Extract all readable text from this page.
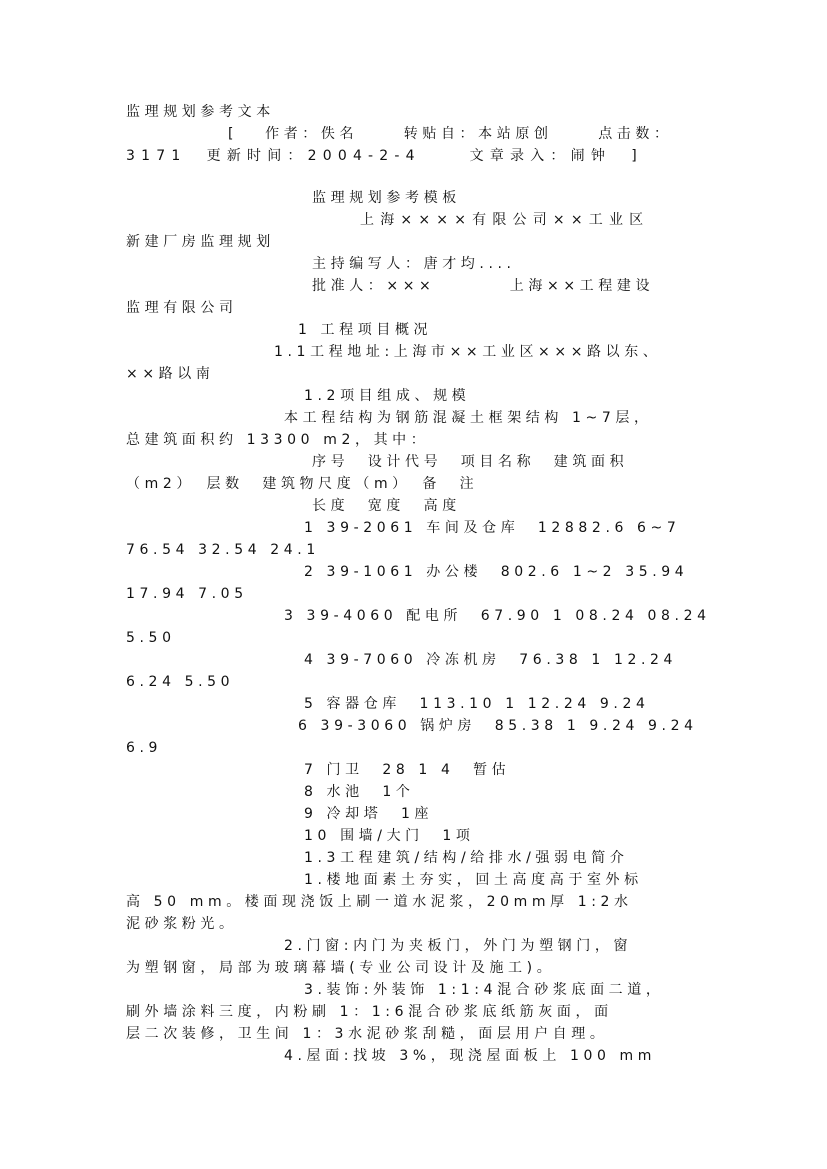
监理规划参考文本
[ 作者：佚名　 转贴自：本站原创　 点击数：
3171　更新时间：2004-2-4　 文章录入：闹钟　]
监理规划参考模板
上海××××有限公司××工业区
新建厂房监理规划
主持编写人：唐才均....
批准人：×××　　　　上海××工程建设
监理有限公司
1 工程项目概况
1.1工程地址:上海市××工业区×××路以东、
××路以南
1.2项目组成、规模
本工程结构为钢筋混凝土框架结构 1~7层，
总建筑面积约 13300 m2，其中：
序号　设计代号　项目名称　建筑面积
（m2）　层数　建筑物尺度（m）　备　注
长度　宽度　高度
1 39-2061 车间及仓库　12882.6 6~7
76.54 32.54 24.1
2 39-1061 办公楼　802.6 1~2 35.94
17.94 7.05
3 39-4060 配电所　67.90 1 08.24 08.24
5.50
4 39-7060 冷冻机房　76.38 1 12.24
6.24 5.50
5 容器仓库　113.10 1 12.24 9.24
6 39-3060 锅炉房　85.38 1 9.24 9.24
6.9
7 门卫　28 1 4　暂估
8 水池　1个
9 冷却塔　1座
10 围墙/大门　1项
1.3工程建筑/结构/给排水/强弱电简介
1.楼地面素土夯实，回土高度高于室外标
高 50 mm。楼面现浇饭上刷一道水泥浆，20mm厚 1:2水
泥砂浆粉光。
2.门窗:内门为夹板门，外门为塑钢门，窗
为塑钢窗，局部为玻璃幕墙(专业公司设计及施工)。
3.装饰:外装饰 1:1:4混合砂浆底面二道，
刷外墙涂料三度，内粉刷 1：1:6混合砂浆底纸筋灰面，面
层二次装修，卫生间 1：3水泥砂浆刮糙，面层用户自理。
4.屋面:找坡 3%，现浇屋面板上 100 mm
